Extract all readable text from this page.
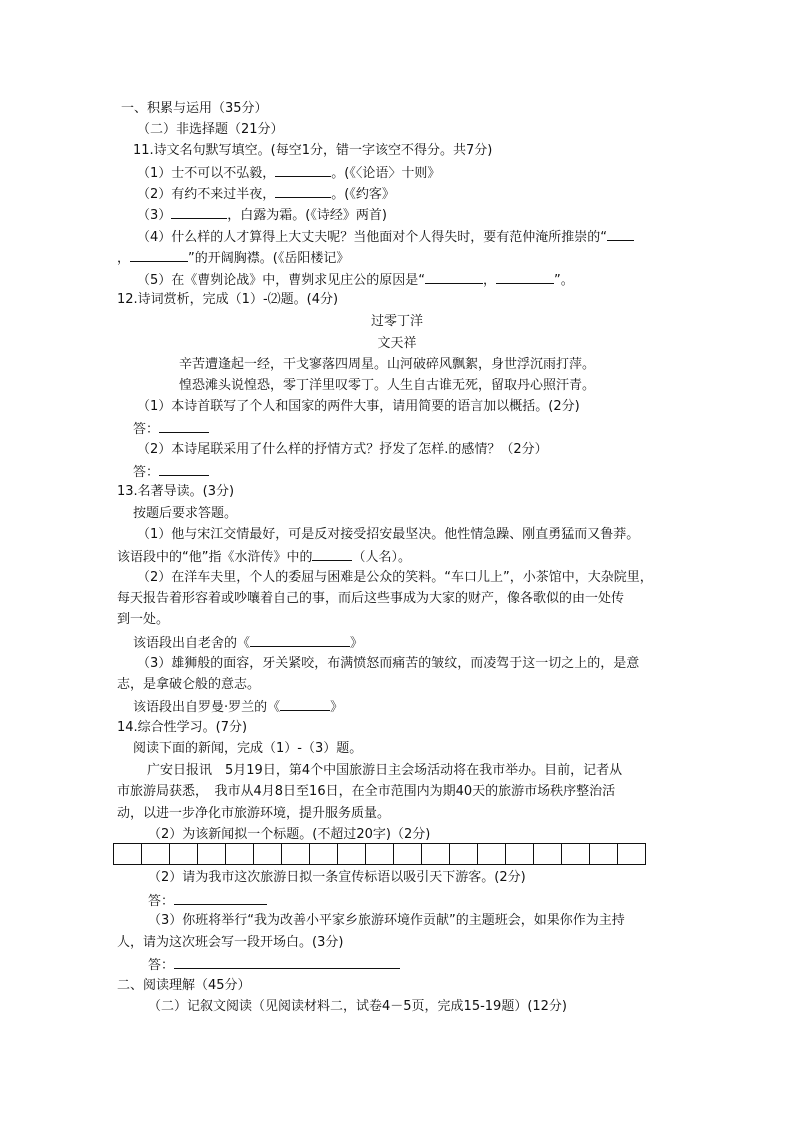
一、积累与运用（35分）
（二）非选择题（21分）
11.诗文名句默写填空。(每空1分，错一字该空不得分。共7分)
（1）士不可以不弘毅，	。(《〈论语〉十则》
（2）有约不来过半夜，	。(《约客》
（3）	，白露为霜。(《诗经》两首)
（4）什么样的人才算得上大丈夫呢？当他面对个人得失时，要有范仲淹所推崇的“
，	”的开阔胸襟。(《岳阳楼记》
（5）在《曹刿论战》中，曹刿求见庄公的原因是“	，	”。
12.诗词赏析，完成（1）-⑵题。(4分)
过零丁洋
文天祥
辛苦遭逢起一经，干戈寥落四周星。山河破碎风飘絮，身世浮沉雨打萍。
惶恐滩头说惶恐，零丁洋里叹零丁。人生自古谁无死，留取丹心照汗青。
（1）本诗首联写了个人和国家的两件大事，请用简要的语言加以概括。(2分)
答：
（2）本诗尾联采用了什么样的抒情方式？抒发了怎样.的感情？（2分）
答：
13.名著导读。(3分)
按题后要求答题。
（1）他与宋江交情最好，可是反对接受招安最坚决。他性情急躁、刚直勇猛而又鲁莽。
该语段中的“他”指《水浒传》中的	（人名）。
（2）在洋车夫里，个人的委屈与困难是公众的笑料。“车口儿上”，小茶馆中，大杂院里，
每天报告着形容着或吵嚷着自己的事，而后这些事成为大家的财产，像各歌似的由一处传
到一处。
该语段出自老舍的《	》
（3）雄狮般的面容，牙关紧咬，布满愤怒而痛苦的皱纹，而凌驾于这一切之上的，是意
志，是拿破仑般的意志。
该语段出自罗曼·罗兰的《	》
14.综合性学习。(7分)
阅读下面的新闻，完成（1）-（3）题。
广安日报讯　5月19日，第4个中国旅游日主会场活动将在我市举办。目前，记者从
市旅游局获悉，　我市从4月8日至16日，在全市范围内为期40天的旅游市场秩序整治活
动，以进一步净化市旅游环境，提升服务质量。
（2）为该新闻拟一个标题。(不超过20字)（2分)
（2）请为我市这次旅游日拟一条宣传标语以吸引天下游客。(2分)
答：
（3）你班将举行“我为改善小平家乡旅游环境作贡献”的主题班会，如果你作为主持
人，请为这次班会写一段开场白。(3分)
答：
二、阅读理解（45分）
（二）记叙文阅读（见阅读材料二，试卷4－5页，完成15-19题）(12分)
